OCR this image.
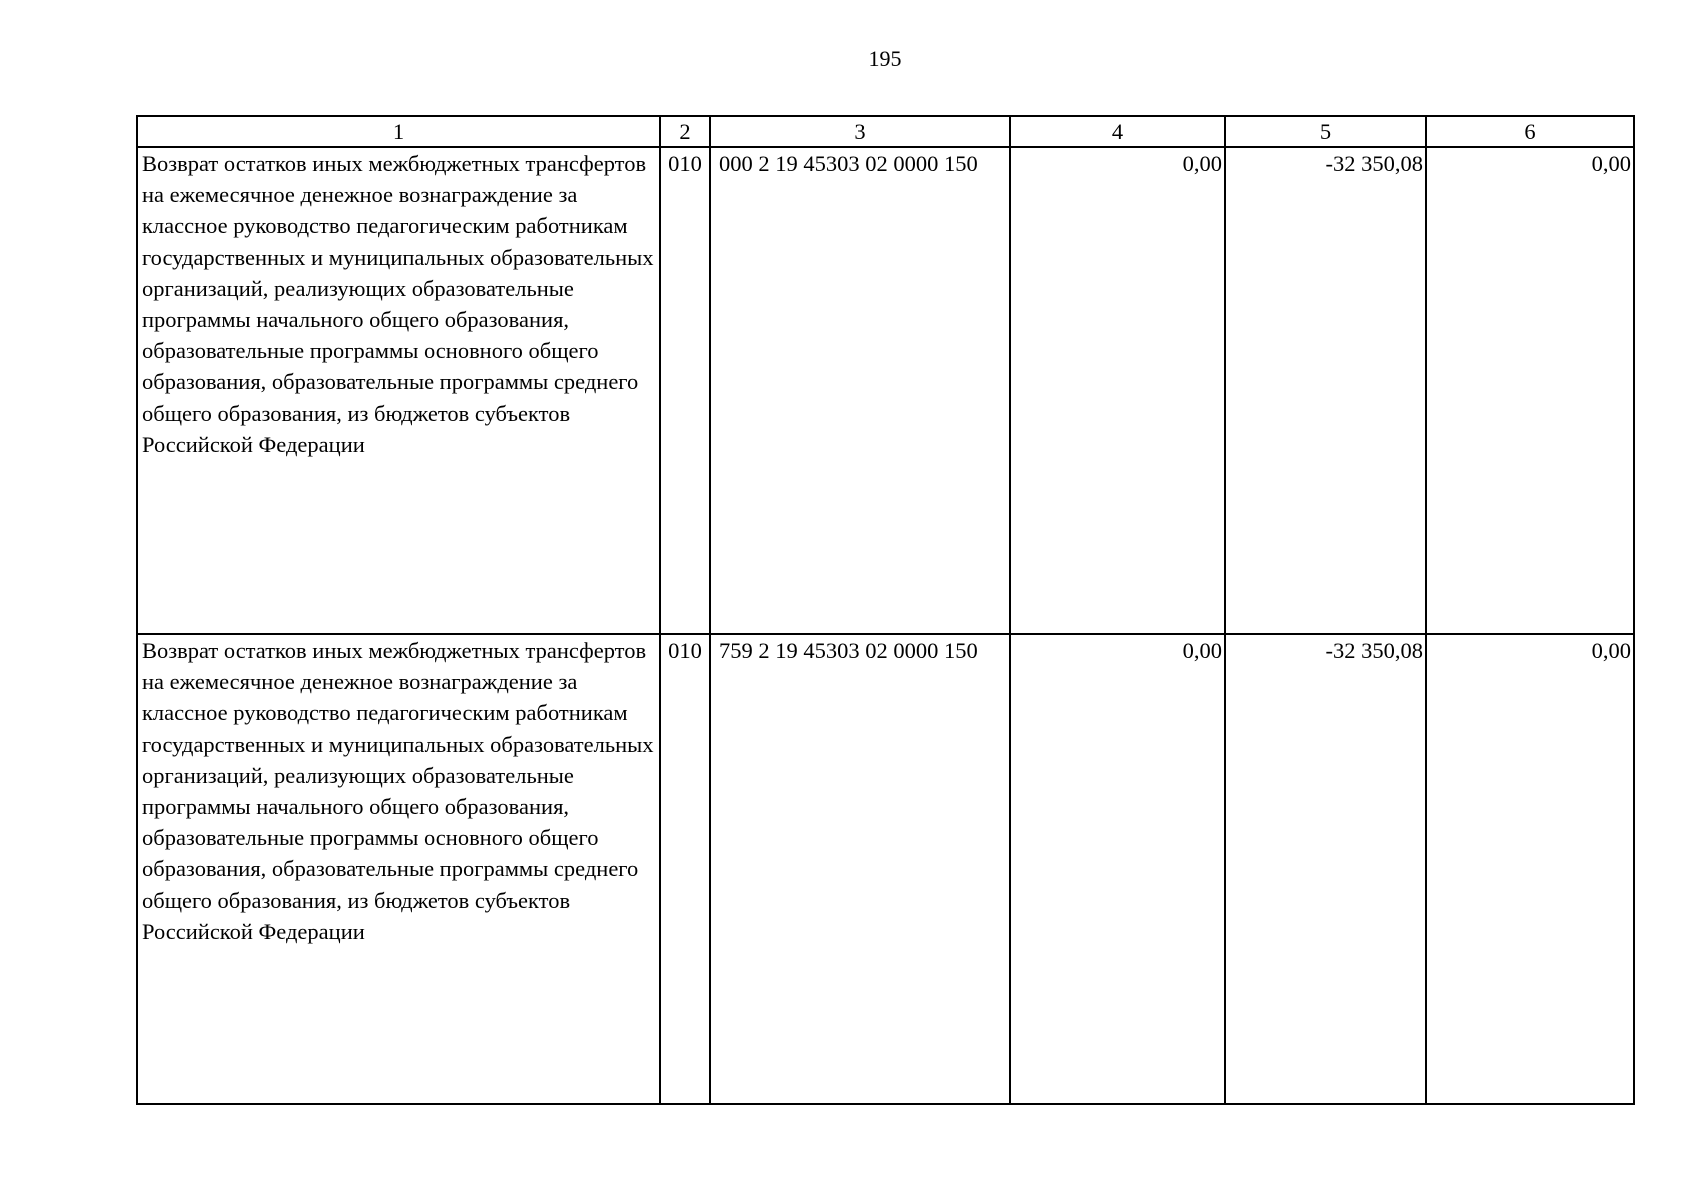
195
1	2	3	4	5	6

Возврат остатков иных межбюджетных трансфертов на ежемесячное денежное вознаграждение за классное руководство педагогическим работникам государственных и муниципальных образовательных организаций, реализующих образовательные программы начального общего образования, образовательные программы основного общего образования, образовательные программы среднего общего образования, из бюджетов субъектов Российской Федерации	010	000 2 19 45303 02 0000 150	0,00	-32 350,08	0,00

Возврат остатков иных межбюджетных трансфертов на ежемесячное денежное вознаграждение за классное руководство педагогическим работникам государственных и муниципальных образовательных организаций, реализующих образовательные программы начального общего образования, образовательные программы основного общего образования, образовательные программы среднего общего образования, из бюджетов субъектов Российской Федерации	010	759 2 19 45303 02 0000 150	0,00	-32 350,08	0,00
